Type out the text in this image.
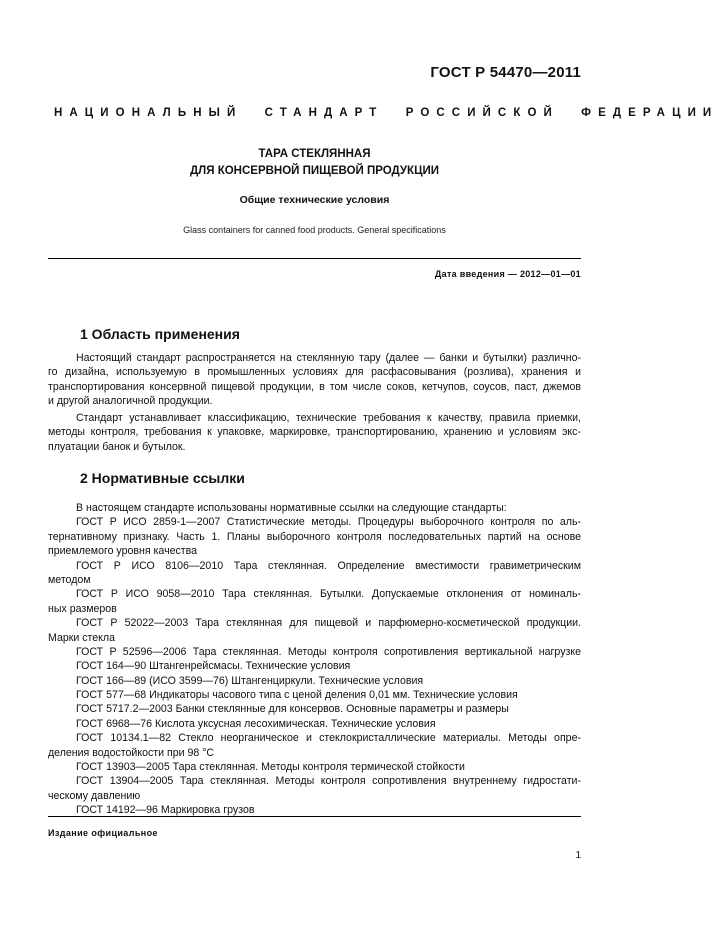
ГОСТ Р 54470—2011
НАЦИОНАЛЬНЫЙ СТАНДАРТ РОССИЙСКОЙ ФЕДЕРАЦИИ
ТАРА СТЕКЛЯННАЯ
ДЛЯ КОНСЕРВНОЙ ПИЩЕВОЙ ПРОДУКЦИИ
Общие технические условия
Glass containers for canned food products. General specifications
Дата введения — 2012—01—01
1 Область применения
Настоящий стандарт распространяется на стеклянную тару (далее — банки и бутылки) различно-
го дизайна, используемую в промышленных условиях для расфасовывания (розлива), хранения и
транспортирования консервной пищевой продукции, в том числе соков, кетчупов, соусов, паст, джемов
и другой аналогичной продукции.
Стандарт устанавливает классификацию, технические требования к качеству, правила приемки,
методы контроля, требования к упаковке, маркировке, транспортированию, хранению и условиям экс-
плуатации банок и бутылок.
2 Нормативные ссылки
В настоящем стандарте использованы нормативные ссылки на следующие стандарты:
ГОСТ Р ИСО 2859-1—2007 Статистические методы. Процедуры выборочного контроля по аль-
тернативному признаку. Часть 1. Планы выборочного контроля последовательных партий на основе
приемлемого уровня качества
ГОСТ Р ИСО 8106—2010 Тара стеклянная. Определение вместимости гравиметрическим
методом
ГОСТ Р ИСО 9058—2010 Тара стеклянная. Бутылки. Допускаемые отклонения от номиналь-
ных размеров
ГОСТ Р 52022—2003 Тара стеклянная для пищевой и парфюмерно-косметической продукции.
Марки стекла
ГОСТ Р 52596—2006 Тара стеклянная. Методы контроля сопротивления вертикальной нагрузке
ГОСТ 164—90 Штангенрейсмасы. Технические условия
ГОСТ 166—89 (ИСО 3599—76) Штангенциркули. Технические условия
ГОСТ 577—68 Индикаторы часового типа с ценой деления 0,01 мм. Технические условия
ГОСТ 5717.2—2003 Банки стеклянные для консервов. Основные параметры и размеры
ГОСТ 6968—76 Кислота уксусная лесохимическая. Технические условия
ГОСТ 10134.1—82 Стекло неорганическое и стеклокристаллические материалы. Методы опре-
деления водостойкости при 98 °С
ГОСТ 13903—2005 Тара стеклянная. Методы контроля термической стойкости
ГОСТ 13904—2005 Тара стеклянная. Методы контроля сопротивления внутреннему гидростати-
ческому давлению
ГОСТ 14192—96 Маркировка грузов
Издание официальное
1
